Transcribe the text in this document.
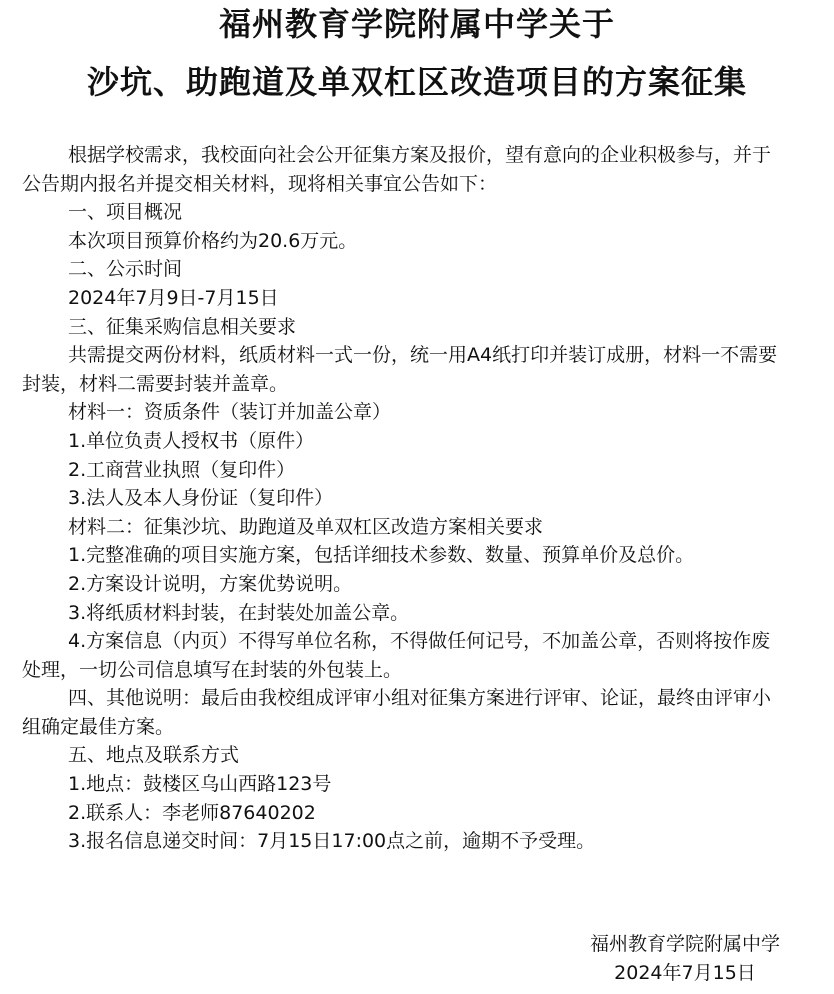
福州教育学院附属中学关于
沙坑、助跑道及单双杠区改造项目的方案征集

根据学校需求，我校面向社会公开征集方案及报价，望有意向的企业积极参与，并于公告期内报名并提交相关材料，现将相关事宜公告如下：

一、项目概况

本次项目预算价格约为20.6万元。

二、公示时间

2024年7月9日-7月15日

三、征集采购信息相关要求

共需提交两份材料，纸质材料一式一份，统一用A4纸打印并装订成册，材料一不需要封装，材料二需要封装并盖章。

材料一：资质条件（装订并加盖公章）

1.单位负责人授权书（原件）

2.工商营业执照（复印件）

3.法人及本人身份证（复印件）

材料二：征集沙坑、助跑道及单双杠区改造方案相关要求

1.完整准确的项目实施方案，包括详细技术参数、数量、预算单价及总价。

2.方案设计说明，方案优势说明。

3.将纸质材料封装，在封装处加盖公章。

4.方案信息（内页）不得写单位名称，不得做任何记号，不加盖公章，否则将按作废处理，一切公司信息填写在封装的外包装上。

四、其他说明：最后由我校组成评审小组对征集方案进行评审、论证，最终由评审小组确定最佳方案。

五、地点及联系方式

1.地点：鼓楼区乌山西路123号

2.联系人：李老师87640202

3.报名信息递交时间：7月15日17:00点之前，逾期不予受理。

福州教育学院附属中学
2024年7月15日
